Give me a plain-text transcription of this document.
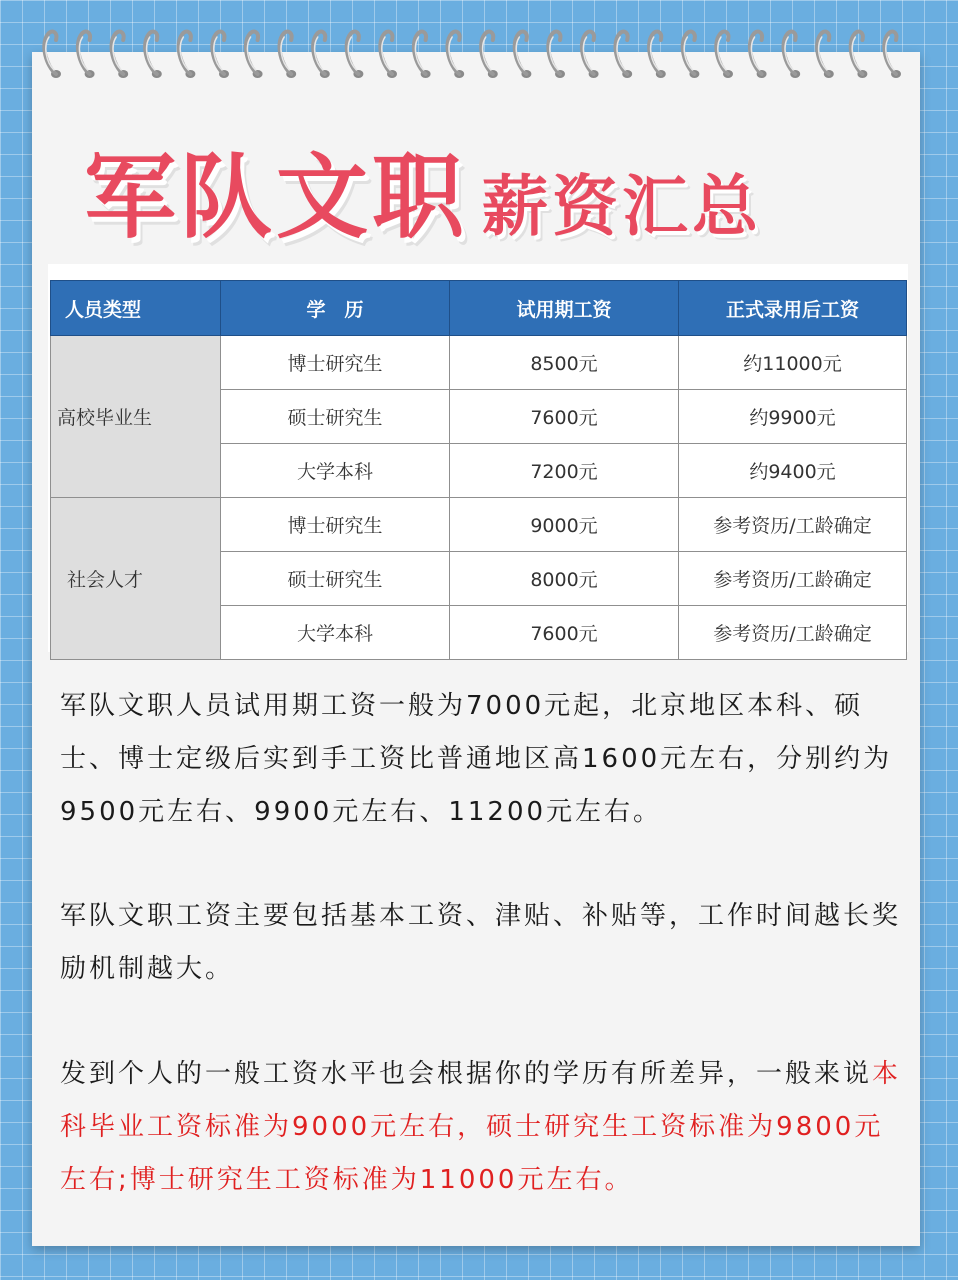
军队文职 薪资汇总
人员类型	学　历	试用期工资	正式录用后工资
高校毕业生	博士研究生	8500元	约11000元
	硕士研究生	7600元	约9900元
	大学本科	7200元	约9400元
社会人才	博士研究生	9000元	参考资历/工龄确定
	硕士研究生	8000元	参考资历/工龄确定
	大学本科	7600元	参考资历/工龄确定

军队文职人员试用期工资一般为7000元起，北京地区本科、硕士、博士定级后实到手工资比普通地区高1600元左右，分别约为9500元左右、9900元左右、11200元左右。

军队文职工资主要包括基本工资、津贴、补贴等，工作时间越长奖励机制越大。

发到个人的一般工资水平也会根据你的学历有所差异，一般来说本科毕业工资标准为9000元左右，硕士研究生工资标准为9800元左右;博士研究生工资标准为11000元左右。
